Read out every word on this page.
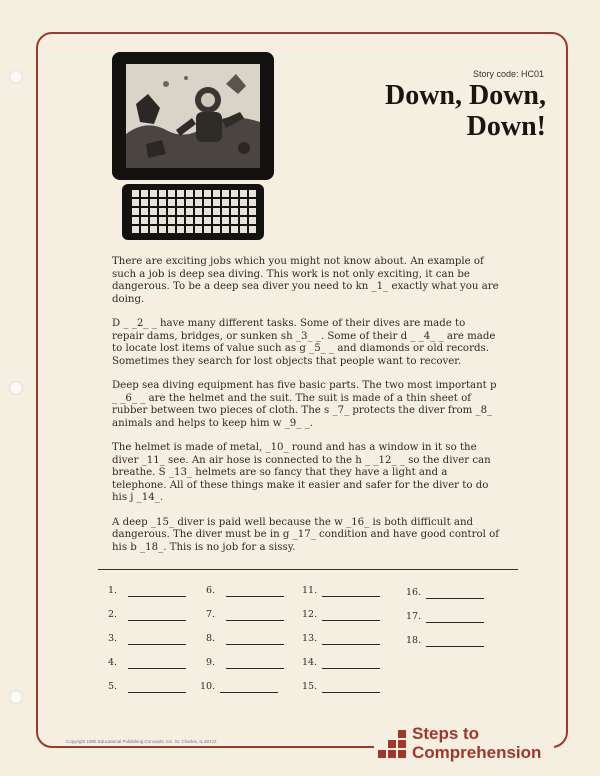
Story code: HC01
Down, Down,
Down!

There are exciting jobs which you might not know about. An example of such a job is deep sea diving. This work is not only exciting, it can be dangerous. To be a deep sea diver you need to kn _1_ exactly what you are doing.

D _ _2_ _ have many different tasks. Some of their dives are made to repair dams, bridges, or sunken sh _3_ _. Some of their d _ _4_ _ are made to locate lost items of value such as g _5_ _ and diamonds or old records. Sometimes they search for lost objects that people want to recover.

Deep sea diving equipment has five basic parts. The two most important p _ _6_ _ are the helmet and the suit. The suit is made of a thin sheet of rubber between two pieces of cloth. The s _7_ protects the diver from _8_ animals and helps to keep him w _9_ _.

The helmet is made of metal, _10_ round and has a window in it so the diver _11_ see. An air hose is connected to the h _ _12_ _ so the diver can breathe. S _13_ helmets are so fancy that they have a light and a telephone. All of these things make it easier and safer for the diver to do his j _14_.

A deep _15_ diver is paid well because the w _16_ is both difficult and dangerous. The diver must be in g _17_ condition and have good control of his b _18_. This is no job for a sissy.

1.
2.
3.
4.
5.
6.
7.
8.
9.
10.
11.
12.
13.
14.
15.
16.
17.
18.
Copyright 1986 Educational Publishing Concepts, Inc. St. Charles, IL 60174	Steps to
Comprehension
